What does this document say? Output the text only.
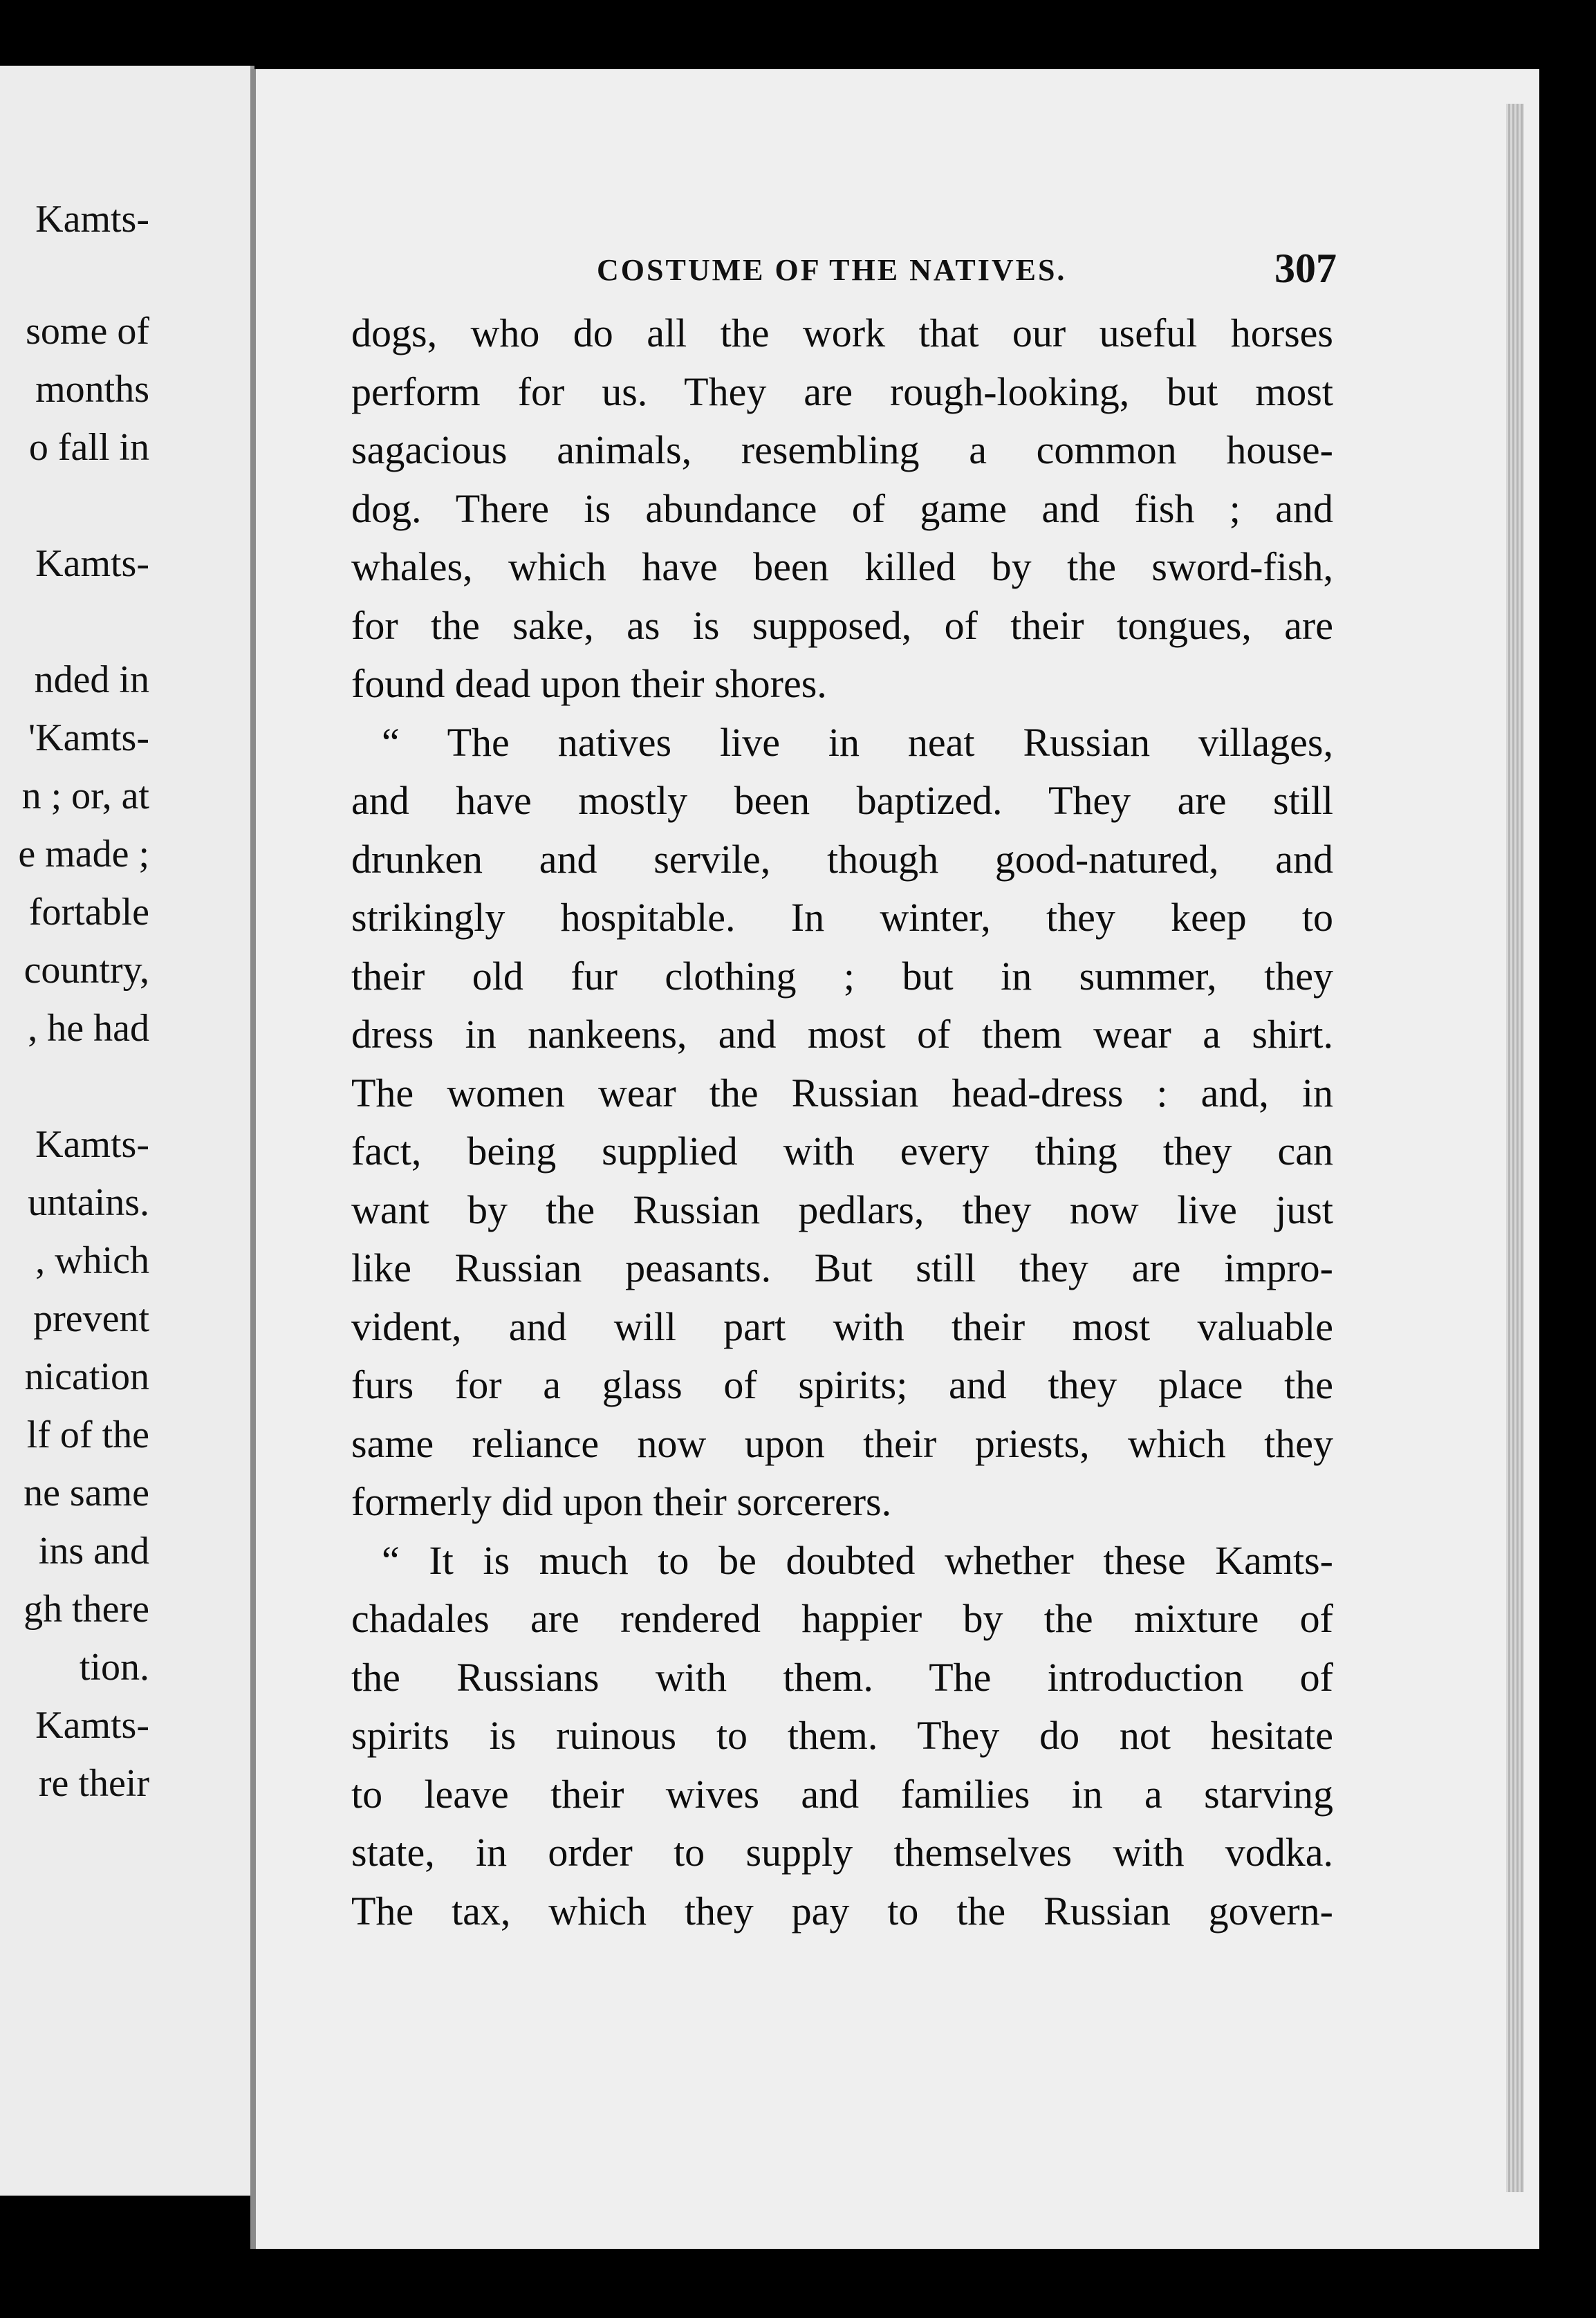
Kamts-
some of
months
o fall in
Kamts-
nded in
'Kamts-
n ; or, at
e made ;
fortable
country,
, he had
Kamts-
untains.
, which
prevent
nication
lf of the
ne same
ins and
gh there
tion.
Kamts-
re their
COSTUME OF THE NATIVES.	307
dogs, who do all the work that our useful horses
perform for us. They are rough-looking, but most
sagacious animals, resembling a common house-
dog. There is abundance of game and fish ; and
whales, which have been killed by the sword-fish,
for the sake, as is supposed, of their tongues, are
found dead upon their shores.
“ The natives live in neat Russian villages,
and have mostly been baptized. They are still
drunken and servile, though good-natured, and
strikingly hospitable. In winter, they keep to
their old fur clothing ; but in summer, they
dress in nankeens, and most of them wear a shirt.
The women wear the Russian head-dress : and, in
fact, being supplied with every thing they can
want by the Russian pedlars, they now live just
like Russian peasants. But still they are impro-
vident, and will part with their most valuable
furs for a glass of spirits; and they place the
same reliance now upon their priests, which they
formerly did upon their sorcerers.
“ It is much to be doubted whether these Kamts-
chadales are rendered happier by the mixture of
the Russians with them. The introduction of
spirits is ruinous to them. They do not hesitate
to leave their wives and families in a starving
state, in order to supply themselves with vodka.
The tax, which they pay to the Russian govern-
